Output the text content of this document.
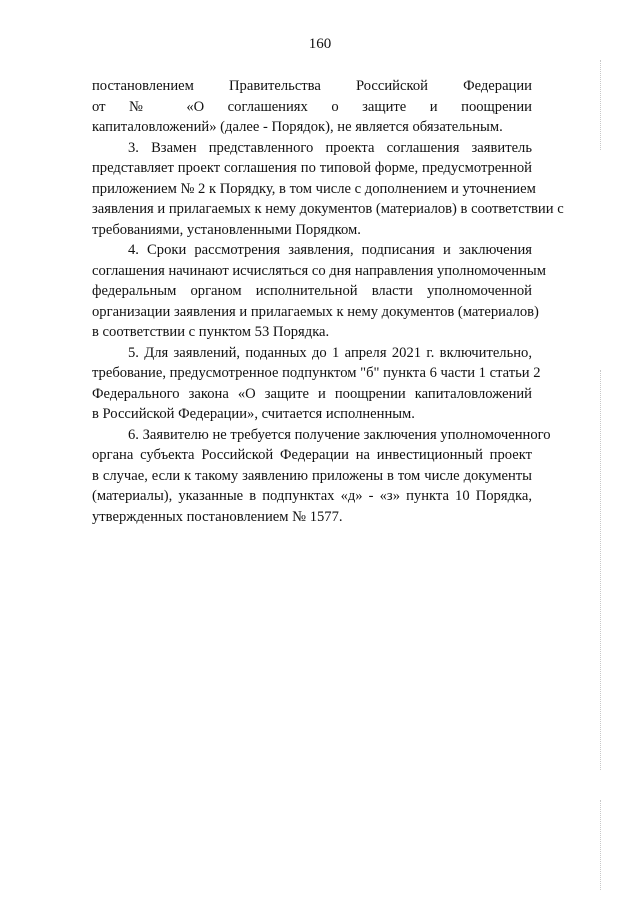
160
постановлением Правительства Российской Федерации
от № «О соглашениях о защите и поощрении
капиталовложений» (далее - Порядок), не является обязательным.
3. Взамен представленного проекта соглашения заявитель
представляет проект соглашения по типовой форме, предусмотренной
приложением № 2 к Порядку, в том числе с дополнением и уточнением
заявления и прилагаемых к нему документов (материалов) в соответствии с
требованиями, установленными Порядком.
4. Сроки рассмотрения заявления, подписания и заключения
соглашения начинают исчисляться со дня направления уполномоченным
федеральным органом исполнительной власти уполномоченной
организации заявления и прилагаемых к нему документов (материалов)
в соответствии с пунктом 53 Порядка.
5. Для заявлений, поданных до 1 апреля 2021 г. включительно,
требование, предусмотренное подпунктом "б" пункта 6 части 1 статьи 2
Федерального закона «О защите и поощрении капиталовложений
в Российской Федерации», считается исполненным.
6. Заявителю не требуется получение заключения уполномоченного
органа субъекта Российской Федерации на инвестиционный проект
в случае, если к такому заявлению приложены в том числе документы
(материалы), указанные в подпунктах «д» - «з» пункта 10 Порядка,
утвержденных постановлением № 1577.
